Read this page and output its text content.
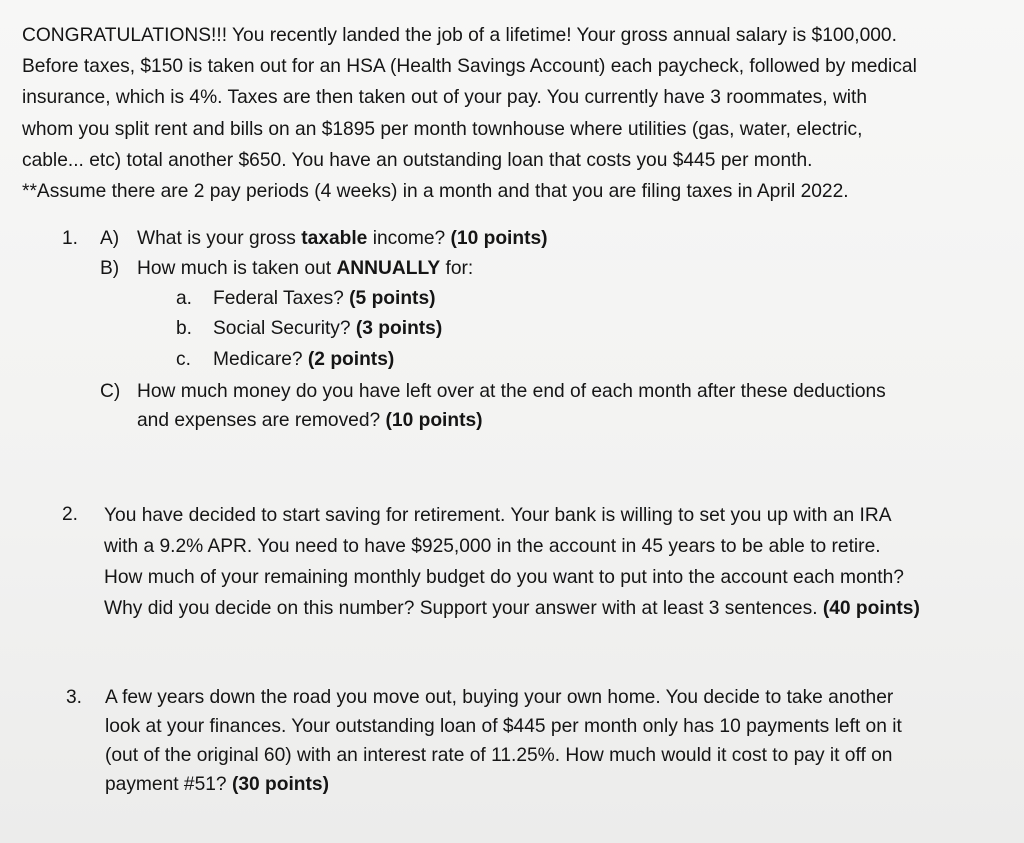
CONGRATULATIONS!!! You recently landed the job of a lifetime! Your gross annual salary is $100,000.
Before taxes, $150 is taken out for an HSA (Health Savings Account) each paycheck, followed by medical
insurance, which is 4%. Taxes are then taken out of your pay. You currently have 3 roommates, with
whom you split rent and bills on an $1895 per month townhouse where utilities (gas, water, electric,
cable... etc) total another $650. You have an outstanding loan that costs you $445 per month.
**Assume there are 2 pay periods (4 weeks) in a month and that you are filing taxes in April 2022.
1. A) What is your gross taxable income? (10 points)
B) How much is taken out ANNUALLY for:
a. Federal Taxes? (5 points)
b. Social Security? (3 points)
c. Medicare? (2 points)
C) How much money do you have left over at the end of each month after these deductions
and expenses are removed? (10 points)
2. You have decided to start saving for retirement. Your bank is willing to set you up with an IRA
with a 9.2% APR. You need to have $925,000 in the account in 45 years to be able to retire.
How much of your remaining monthly budget do you want to put into the account each month?
Why did you decide on this number? Support your answer with at least 3 sentences. (40 points)
3. A few years down the road you move out, buying your own home. You decide to take another
look at your finances. Your outstanding loan of $445 per month only has 10 payments left on it
(out of the original 60) with an interest rate of 11.25%. How much would it cost to pay it off on
payment #51? (30 points)
